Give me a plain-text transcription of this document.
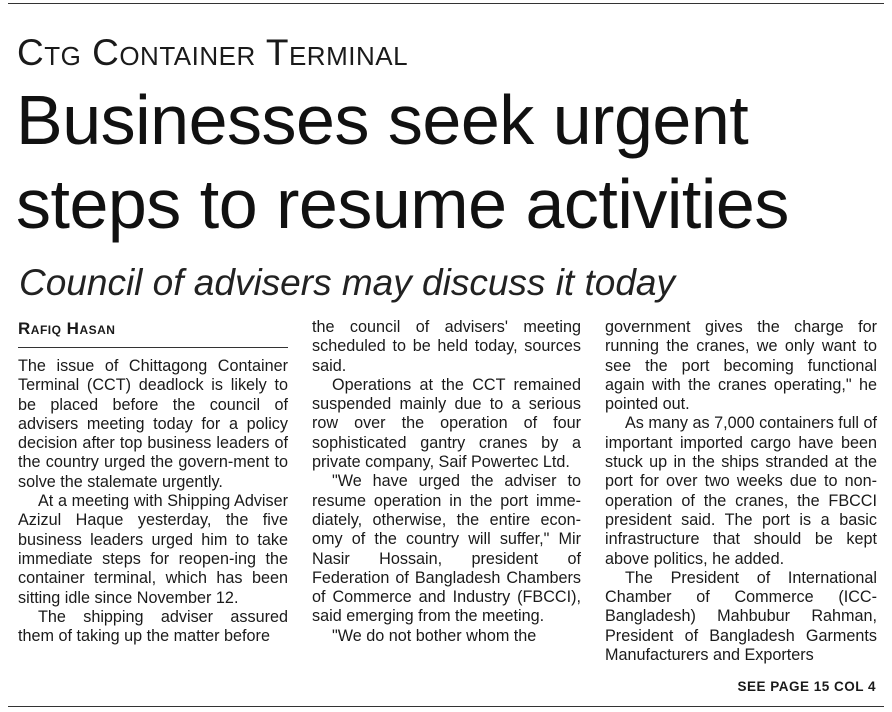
Ctg Container Terminal
Businesses seek urgent steps to resume activities
Council of advisers may discuss it today
Rafiq Hasan

The issue of Chittagong Container Terminal (CCT) deadlock is likely to be placed before the council of advisers meeting today for a policy decision after top business leaders of the country urged the govern-ment to solve the stalemate urgently.

At a meeting with Shipping Adviser Azizul Haque yesterday, the five business leaders urged him to take immediate steps for reopen-ing the container terminal, which has been sitting idle since November 12.

The shipping adviser assured them of taking up the matter before

the council of advisers' meeting scheduled to be held today, sources said.

Operations at the CCT remained suspended mainly due to a serious row over the operation of four sophisticated gantry cranes by a private company, Saif Powertec Ltd.

"We have urged the adviser to resume operation in the port imme-diately, otherwise, the entire econ-omy of the country will suffer," Mir Nasir Hossain, president of Federation of Bangladesh Chambers of Commerce and Industry (FBCCI), said emerging from the meeting.

"We do not bother whom the

government gives the charge for running the cranes, we only want to see the port becoming functional again with the cranes operating," he pointed out.

As many as 7,000 containers full of important imported cargo have been stuck up in the ships stranded at the port for over two weeks due to non-operation of the cranes, the FBCCI president said. The port is a basic infrastructure that should be kept above politics, he added.

The President of International Chamber of Commerce (ICC-Bangladesh) Mahbubur Rahman, President of Bangladesh Garments Manufacturers and Exporters

SEE PAGE 15 COL 4
